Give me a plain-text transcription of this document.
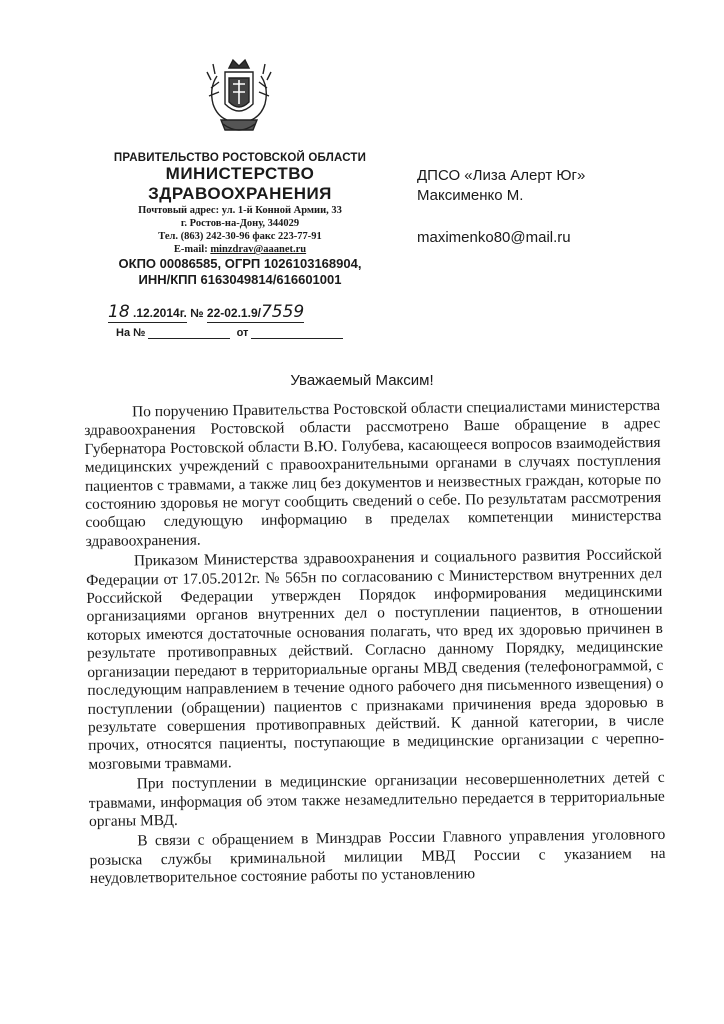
ПРАВИТЕЛЬСТВО РОСТОВСКОЙ ОБЛАСТИ
МИНИСТЕРСТВО
ЗДРАВООХРАНЕНИЯ
Почтовый адрес: ул. 1-й Конной Армии, 33
г. Ростов-на-Дону, 344029
Тел. (863) 242-30-96 факс 223-77-91
E-mail: minzdrav@aaanet.ru
ОКПО 00086585, ОГРП 1026103168904,
ИНН/КПП 6163049814/616601001
18 .12.2014г. № 22-02.1.9/7559
На №	от
ДПСО «Лиза Алерт Юг»
Максименко М.
maximenko80@mail.ru
Уважаемый Максим!

По поручению Правительства Ростовской области специалистами министерства здравоохранения Ростовской области рассмотрено Ваше обращение в адрес Губернатора Ростовской области В.Ю. Голубева, касающееся вопросов взаимодействия медицинских учреждений с правоохранительными органами в случаях поступления пациентов с травмами, а также лиц без документов и неизвестных граждан, которые по состоянию здоровья не могут сообщить сведений о себе. По результатам рассмотрения сообщаю следующую информацию в пределах компетенции министерства здравоохранения.

Приказом Министерства здравоохранения и социального развития Российской Федерации от 17.05.2012г. № 565н по согласованию с Министерством внутренних дел Российской Федерации утвержден Порядок информирования медицинскими организациями органов внутренних дел о поступлении пациентов, в отношении которых имеются достаточные основания полагать, что вред их здоровью причинен в результате противоправных действий. Согласно данному Порядку, медицинские организации передают в территориальные органы МВД сведения (телефонограммой, с последующим направлением в течение одного рабочего дня письменного извещения) о поступлении (обращении) пациентов с признаками причинения вреда здоровью в результате совершения противоправных действий. К данной категории, в числе прочих, относятся пациенты, поступающие в медицинские организации с черепно-мозговыми травмами.

При поступлении в медицинские организации несовершеннолетних детей с травмами, информация об этом также незамедлительно передается в территориальные органы МВД.

В связи с обращением в Минздрав России Главного управления уголовного розыска службы криминальной милиции МВД России с указанием на неудовлетворительное состояние работы по установлению
